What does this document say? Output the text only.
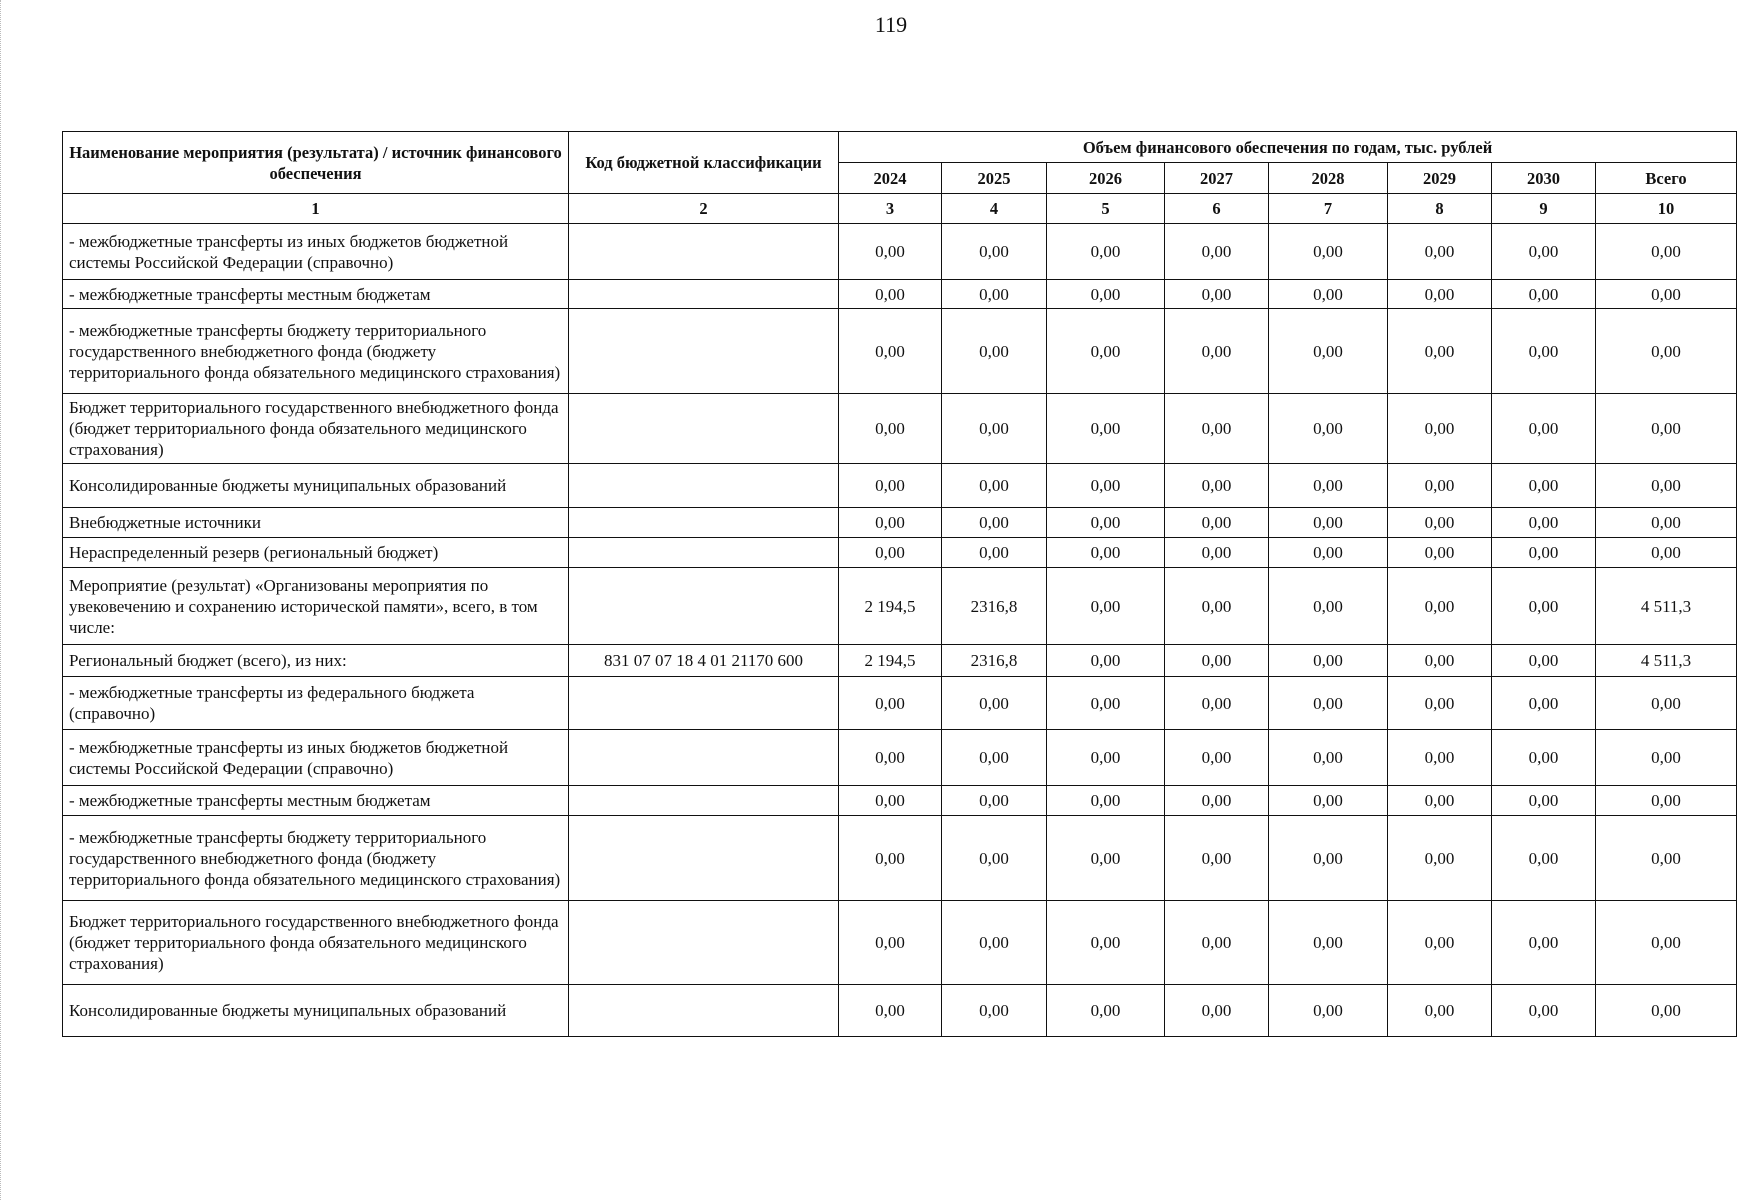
119
Наименование мероприятия (результата) / источник финансового обеспечения	Код бюджетной классификации	Объем финансового обеспечения по годам, тыс. рублей							
		2024	2025	2026	2027	2028	2029	2030	Всего
1	2	3	4	5	6	7	8	9	10
- межбюджетные трансферты из иных бюджетов бюджетной системы Российской Федерации (справочно)		0,00	0,00	0,00	0,00	0,00	0,00	0,00	0,00
- межбюджетные трансферты местным бюджетам		0,00	0,00	0,00	0,00	0,00	0,00	0,00	0,00
- межбюджетные трансферты бюджету территориального государственного внебюджетного фонда (бюджету территориального фонда обязательного медицинского страхования)		0,00	0,00	0,00	0,00	0,00	0,00	0,00	0,00
Бюджет территориального государственного внебюджетного фонда (бюджет территориального фонда обязательного медицинского страхования)		0,00	0,00	0,00	0,00	0,00	0,00	0,00	0,00
Консолидированные бюджеты муниципальных образований		0,00	0,00	0,00	0,00	0,00	0,00	0,00	0,00
Внебюджетные источники		0,00	0,00	0,00	0,00	0,00	0,00	0,00	0,00
Нераспределенный резерв (региональный бюджет)		0,00	0,00	0,00	0,00	0,00	0,00	0,00	0,00
Мероприятие (результат) «Организованы мероприятия по увековечению и сохранению исторической памяти», всего, в том числе:		2 194,5	2316,8	0,00	0,00	0,00	0,00	0,00	4 511,3
Региональный бюджет (всего), из них:	831 07 07 18 4 01 21170 600	2 194,5	2316,8	0,00	0,00	0,00	0,00	0,00	4 511,3
- межбюджетные трансферты из федерального бюджета (справочно)		0,00	0,00	0,00	0,00	0,00	0,00	0,00	0,00
- межбюджетные трансферты из иных бюджетов бюджетной системы Российской Федерации (справочно)		0,00	0,00	0,00	0,00	0,00	0,00	0,00	0,00
- межбюджетные трансферты местным бюджетам		0,00	0,00	0,00	0,00	0,00	0,00	0,00	0,00
- межбюджетные трансферты бюджету территориального государственного внебюджетного фонда (бюджету территориального фонда обязательного медицинского страхования)		0,00	0,00	0,00	0,00	0,00	0,00	0,00	0,00
Бюджет территориального государственного внебюджетного фонда (бюджет территориального фонда обязательного медицинского страхования)		0,00	0,00	0,00	0,00	0,00	0,00	0,00	0,00
Консолидированные бюджеты муниципальных образований		0,00	0,00	0,00	0,00	0,00	0,00	0,00	0,00
